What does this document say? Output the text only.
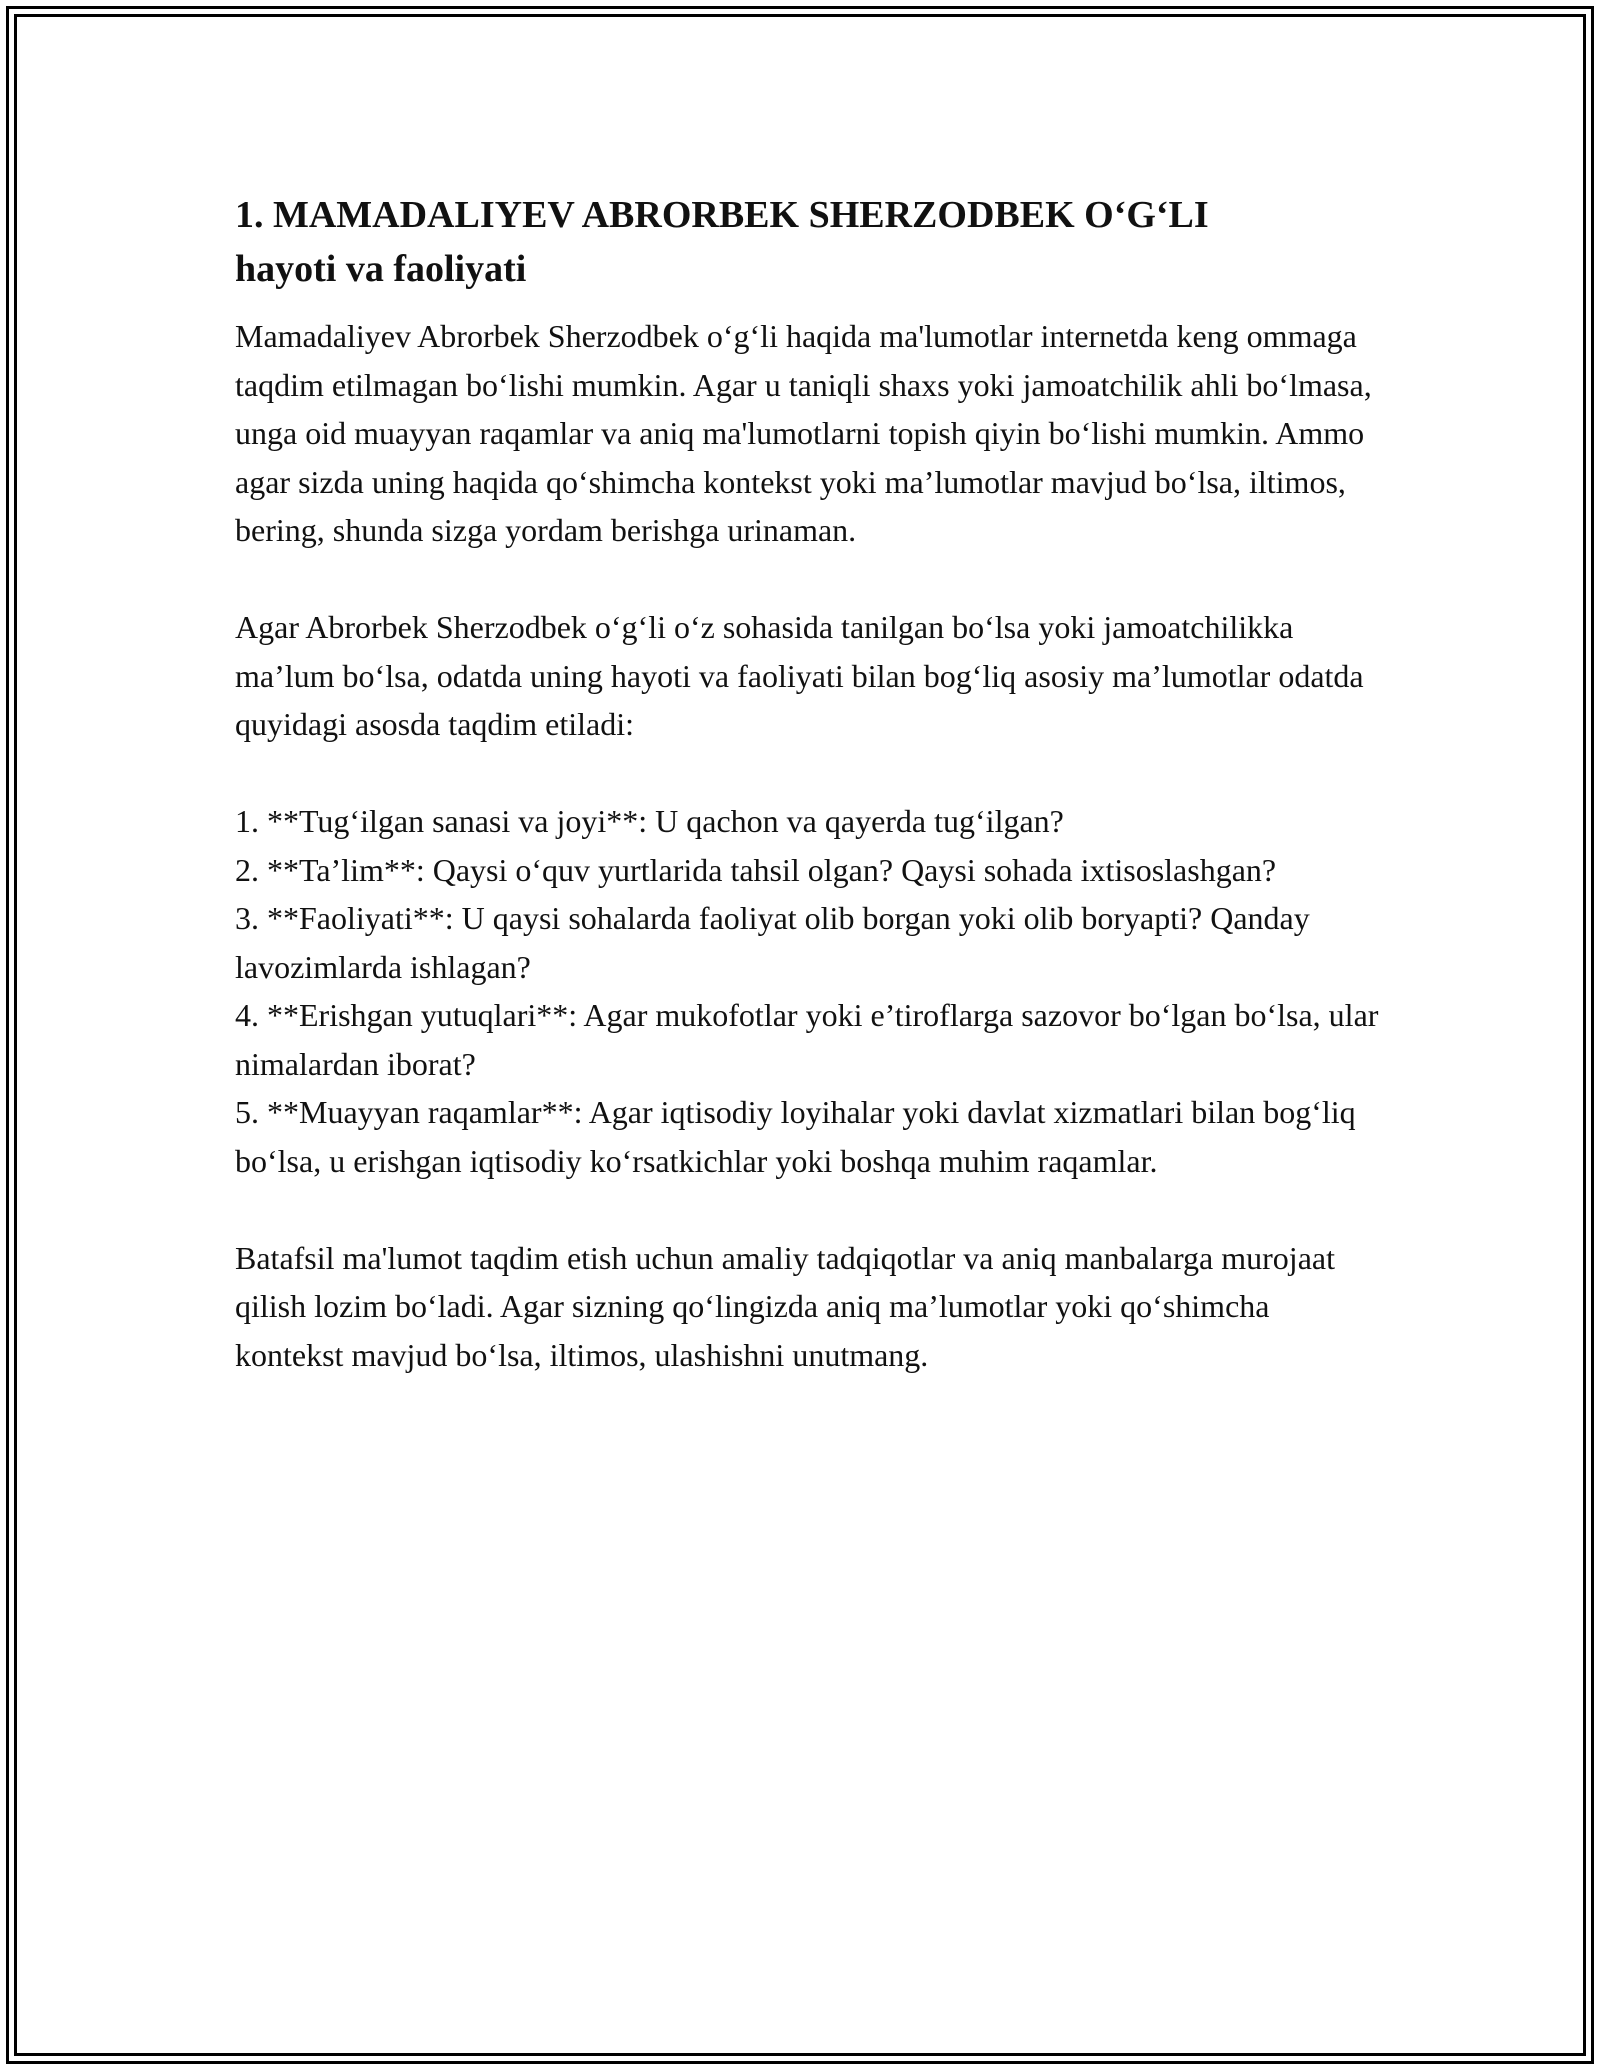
1. MAMADALIYEV ABRORBEK SHERZODBEK O‘G‘LI
hayoti va faoliyati

Mamadaliyev Abrorbek Sherzodbek o‘g‘li haqida ma'lumotlar internetda keng ommaga taqdim etilmagan bo‘lishi mumkin. Agar u taniqli shaxs yoki jamoatchilik ahli bo‘lmasa, unga oid muayyan raqamlar va aniq ma'lumotlarni topish qiyin bo‘lishi mumkin. Ammo agar sizda uning haqida qo‘shimcha kontekst yoki ma’lumotlar mavjud bo‘lsa, iltimos, bering, shunda sizga yordam berishga urinaman.

Agar Abrorbek Sherzodbek o‘g‘li o‘z sohasida tanilgan bo‘lsa yoki jamoatchilikka ma’lum bo‘lsa, odatda uning hayoti va faoliyati bilan bog‘liq asosiy ma’lumotlar odatda quyidagi asosda taqdim etiladi:

1. **Tug‘ilgan sanasi va joyi**: U qachon va qayerda tug‘ilgan?
2. **Ta’lim**: Qaysi o‘quv yurtlarida tahsil olgan? Qaysi sohada ixtisoslashgan?
3. **Faoliyati**: U qaysi sohalarda faoliyat olib borgan yoki olib boryapti? Qanday lavozimlarda ishlagan?
4. **Erishgan yutuqlari**: Agar mukofotlar yoki e’tiroflarga sazovor bo‘lgan bo‘lsa, ular nimalardan iborat?
5. **Muayyan raqamlar**: Agar iqtisodiy loyihalar yoki davlat xizmatlari bilan bog‘liq bo‘lsa, u erishgan iqtisodiy ko‘rsatkichlar yoki boshqa muhim raqamlar.

Batafsil ma'lumot taqdim etish uchun amaliy tadqiqotlar va aniq manbalarga murojaat qilish lozim bo‘ladi. Agar sizning qo‘lingizda aniq ma’lumotlar yoki qo‘shimcha kontekst mavjud bo‘lsa, iltimos, ulashishni unutmang.
